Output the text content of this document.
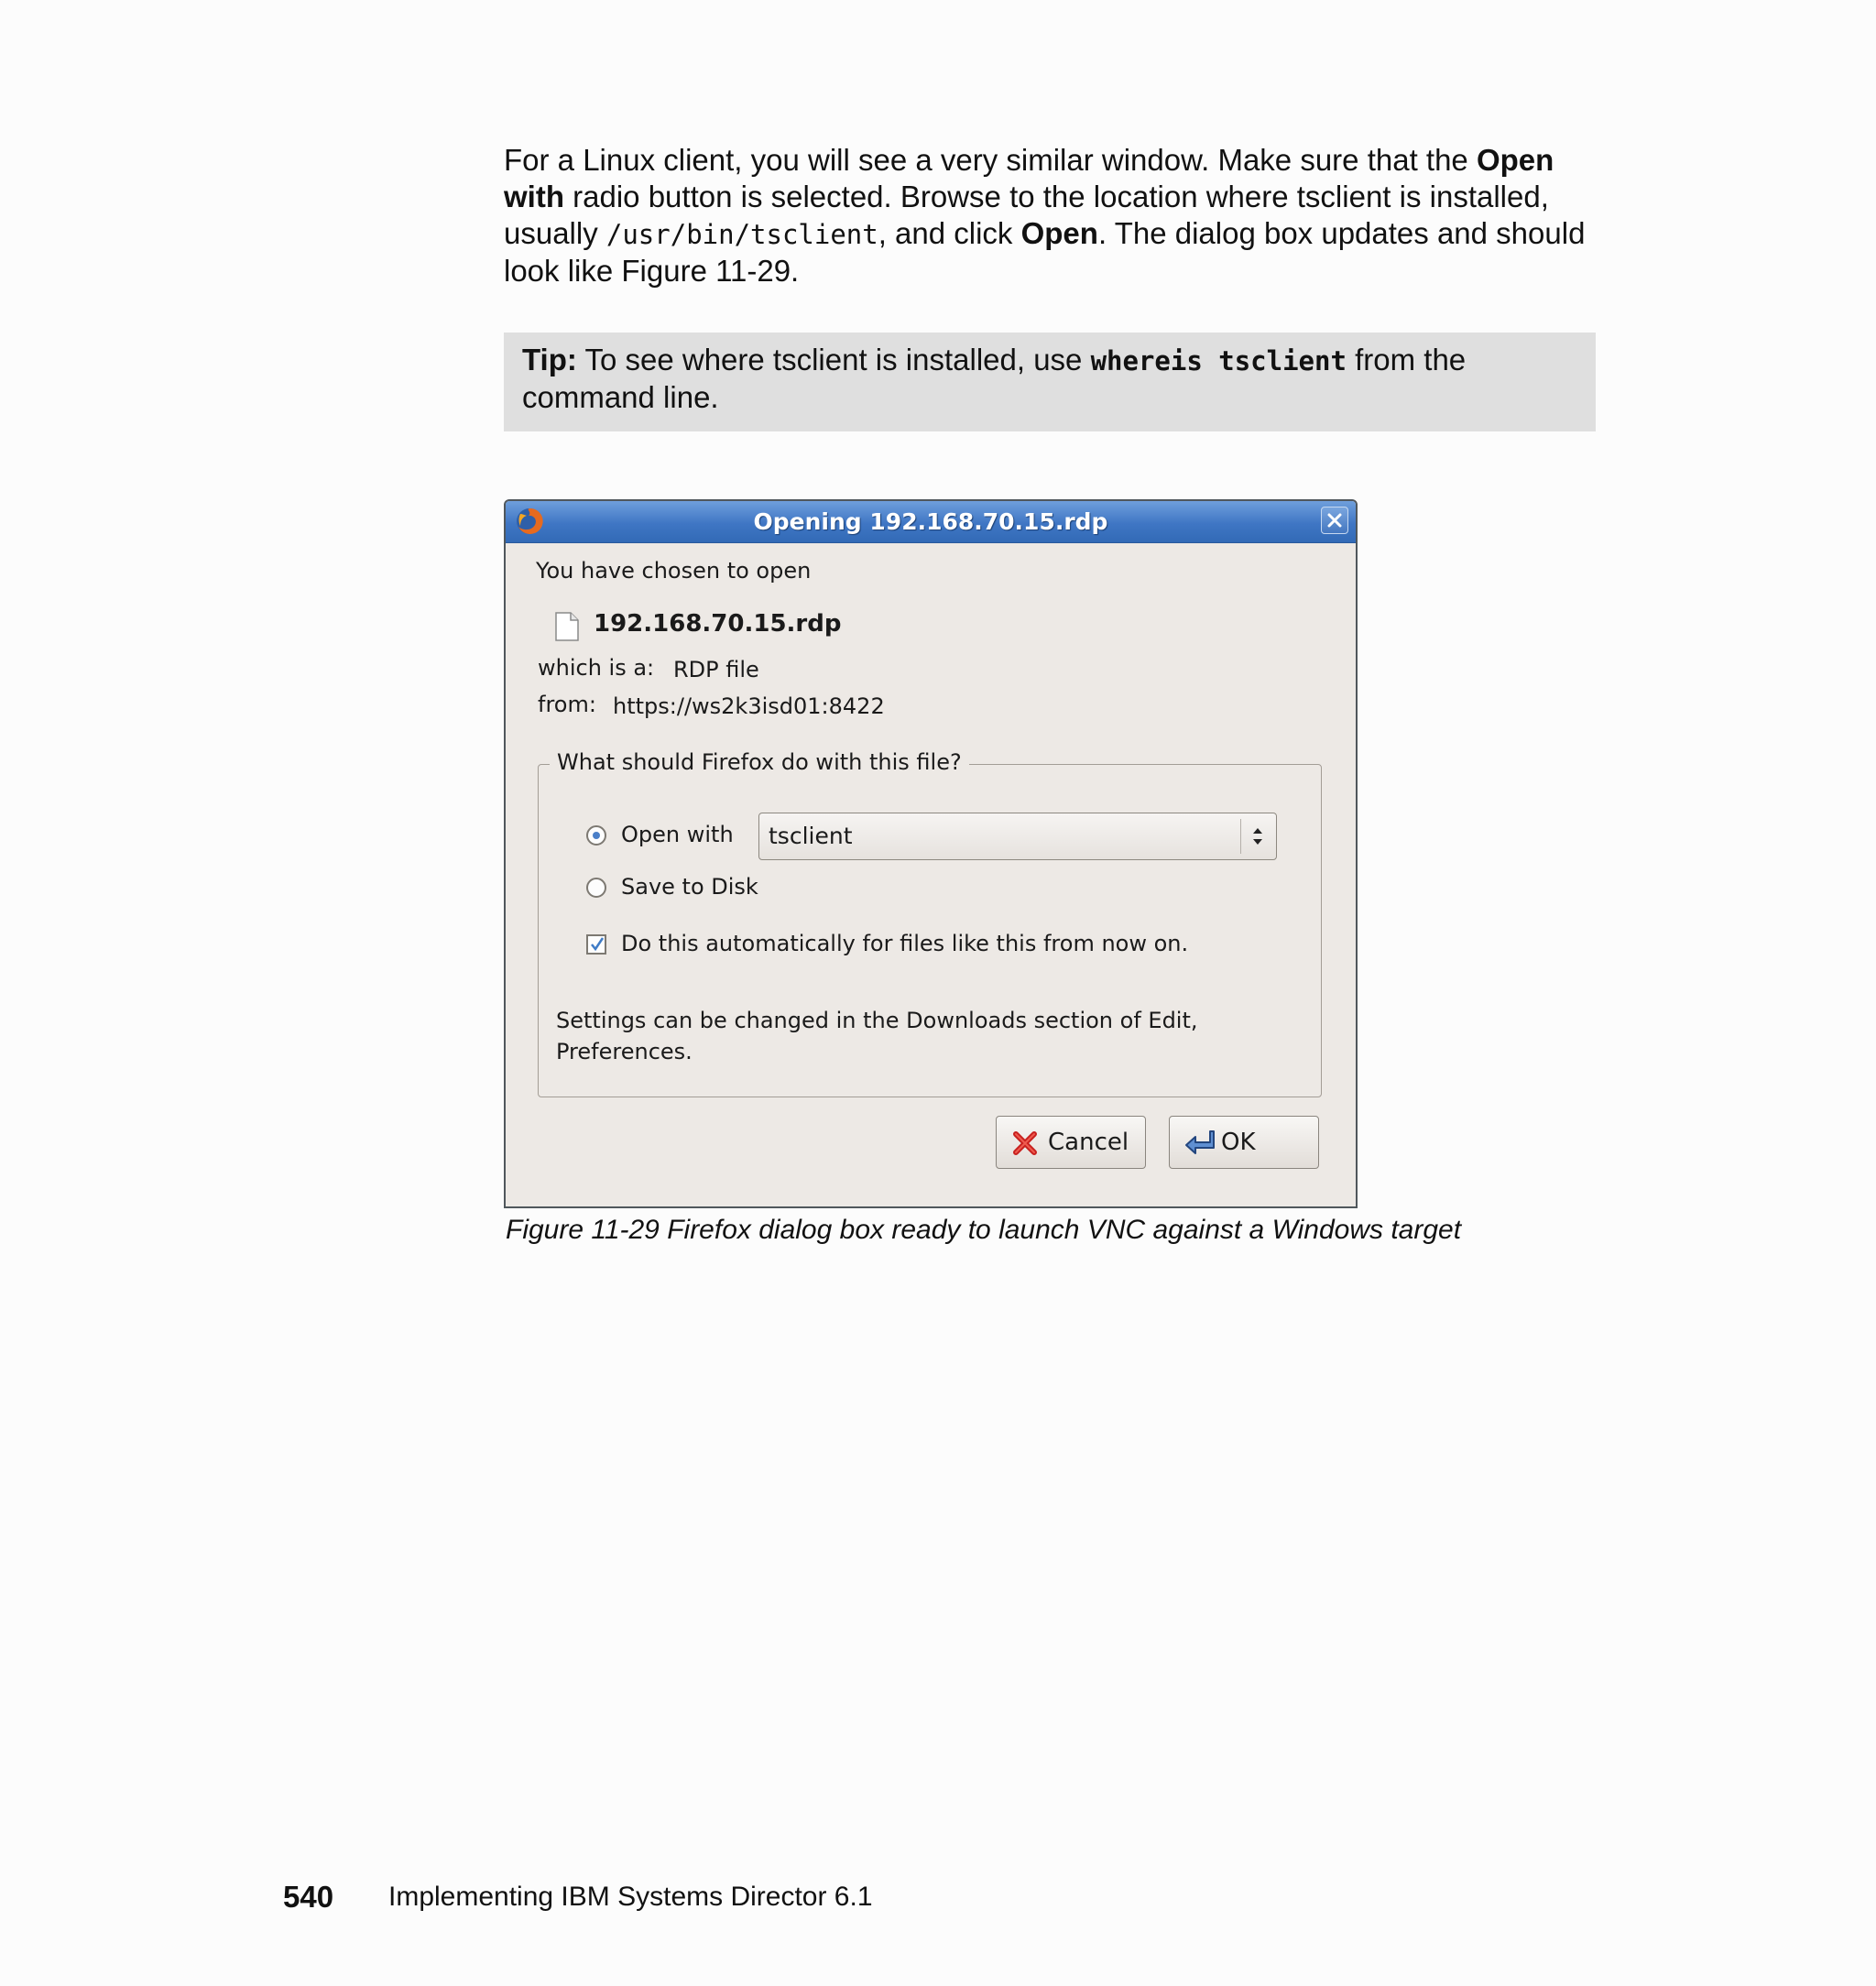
For a Linux client, you will see a very similar window. Make sure that the Open with radio button is selected. Browse to the location where tsclient is installed, usually /usr/bin/tsclient, and click Open. The dialog box updates and should look like Figure 11-29.

Tip: To see where tsclient is installed, use whereis tsclient from the command line.
Opening 192.168.70.15.rdp
You have chosen to open
192.168.70.15.rdp
which is a: RDP file
from: https://ws2k3isd01:8422
What should Firefox do with this file?
Open with tsclient
Save to Disk
Do this automatically for files like this from now on.
Settings can be changed in the Downloads section of Edit, Preferences.
Cancel	OK
Figure 11-29 Firefox dialog box ready to launch VNC against a Windows target
540 Implementing IBM Systems Director 6.1
